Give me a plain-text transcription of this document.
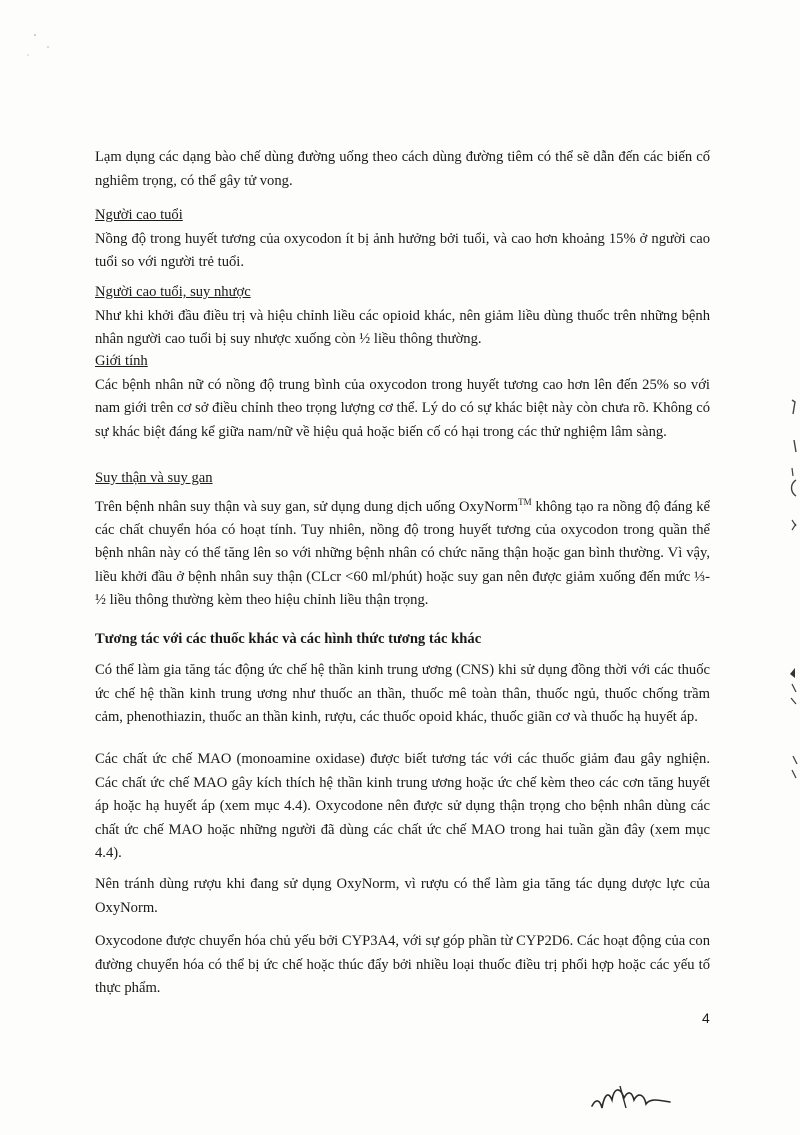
Lạm dụng các dạng bào chế dùng đường uống theo cách dùng đường tiêm có thể sẽ dẫn đến các biến cố nghiêm trọng, có thể gây tử vong.

Người cao tuổi

Nồng độ trong huyết tương của oxycodon ít bị ảnh hưởng bởi tuổi, và cao hơn khoảng 15% ở người cao tuổi so với người trẻ tuổi.

Người cao tuổi, suy nhược

Như khi khởi đầu điều trị và hiệu chỉnh liều các opioid khác, nên giảm liều dùng thuốc trên những bệnh nhân người cao tuổi bị suy nhược xuống còn ½ liều thông thường.

Giới tính

Các bệnh nhân nữ có nồng độ trung bình của oxycodon trong huyết tương cao hơn lên đến 25% so với nam giới trên cơ sở điều chỉnh theo trọng lượng cơ thể. Lý do có sự khác biệt này còn chưa rõ. Không có sự khác biệt đáng kể giữa nam/nữ về hiệu quả hoặc biến cố có hại trong các thử nghiệm lâm sàng.

Suy thận và suy gan

Trên bệnh nhân suy thận và suy gan, sử dụng dung dịch uống OxyNorm™ không tạo ra nồng độ đáng kể các chất chuyển hóa có hoạt tính. Tuy nhiên, nồng độ trong huyết tương của oxycodon trong quần thể bệnh nhân này có thể tăng lên so với những bệnh nhân có chức năng thận hoặc gan bình thường. Vì vậy, liều khởi đầu ở bệnh nhân suy thận (CLcr <60 ml/phút) hoặc suy gan nên được giảm xuống đến mức ⅓- ½ liều thông thường kèm theo hiệu chỉnh liều thận trọng.

Tương tác với các thuốc khác và các hình thức tương tác khác

Có thể làm gia tăng tác động ức chế hệ thần kinh trung ương (CNS) khi sử dụng đồng thời với các thuốc ức chế hệ thần kinh trung ương như thuốc an thần, thuốc mê toàn thân, thuốc ngủ, thuốc chống trầm cảm, phenothiazin, thuốc an thần kinh, rượu, các thuốc opoid khác, thuốc giãn cơ và thuốc hạ huyết áp.

Các chất ức chế MAO (monoamine oxidase) được biết tương tác với các thuốc giảm đau gây nghiện. Các chất ức chế MAO gây kích thích hệ thần kinh trung ương hoặc ức chế kèm theo các cơn tăng huyết áp hoặc hạ huyết áp (xem mục 4.4). Oxycodone nên được sử dụng thận trọng cho bệnh nhân dùng các chất ức chế MAO hoặc những người đã dùng các chất ức chế MAO trong hai tuần gần đây (xem mục 4.4).

Nên tránh dùng rượu khi đang sử dụng OxyNorm, vì rượu có thể làm gia tăng tác dụng dược lực của OxyNorm.

Oxycodone được chuyển hóa chủ yếu bởi CYP3A4, với sự góp phần từ CYP2D6. Các hoạt động của con đường chuyển hóa có thể bị ức chế hoặc thúc đẩy bởi nhiều loại thuốc điều trị phối hợp hoặc các yếu tố thực phẩm.

4
